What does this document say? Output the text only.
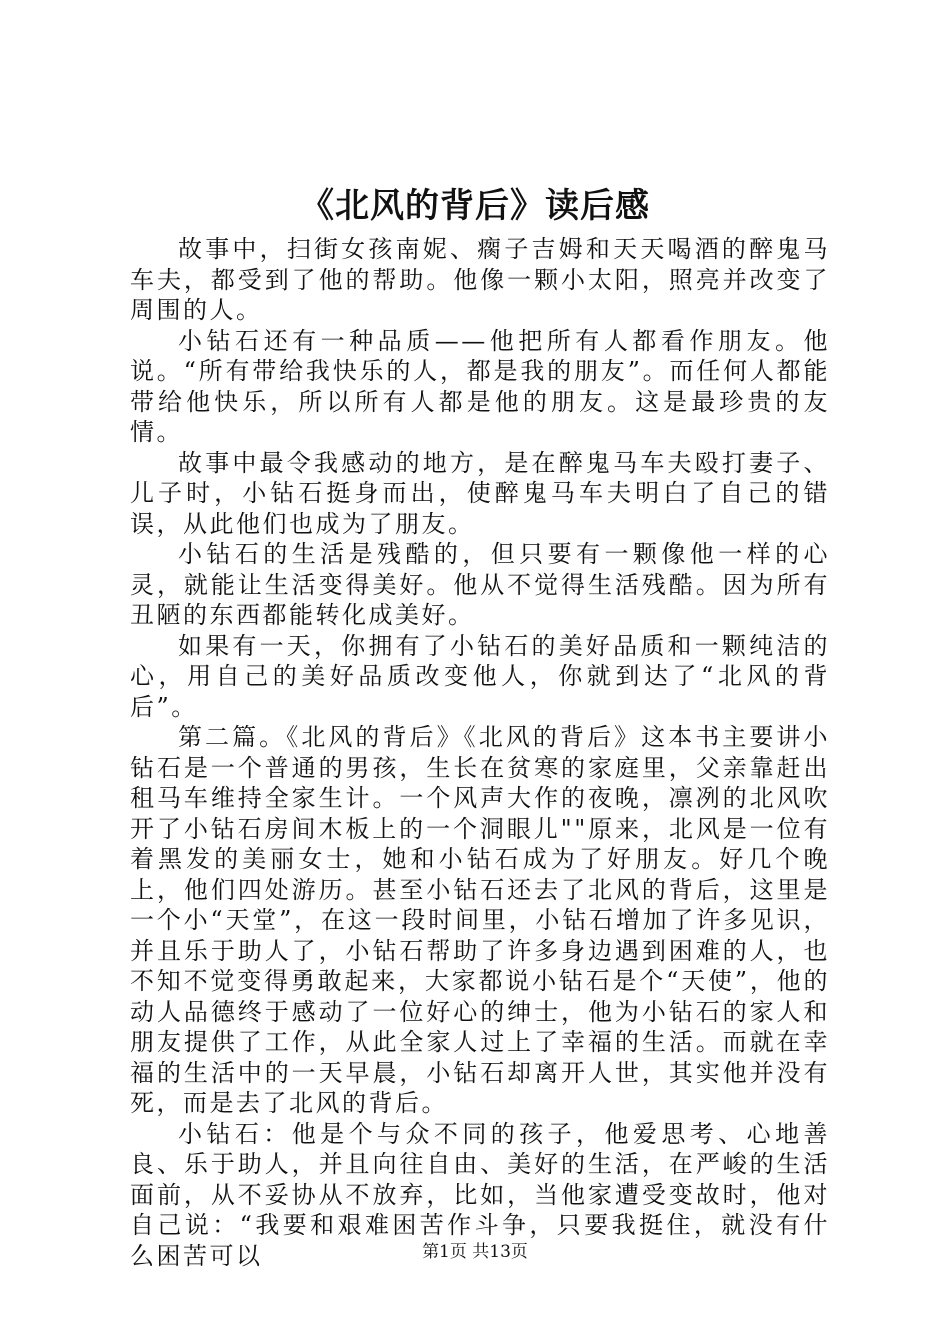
《北风的背后》读后感

故事中，扫街女孩南妮、瘸子吉姆和天天喝酒的醉鬼马车夫，都受到了他的帮助。他像一颗小太阳，照亮并改变了周围的人。

小钻石还有一种品质——他把所有人都看作朋友。他说。“所有带给我快乐的人，都是我的朋友”。而任何人都能带给他快乐，所以所有人都是他的朋友。这是最珍贵的友情。

故事中最令我感动的地方，是在醉鬼马车夫殴打妻子、儿子时，小钻石挺身而出，使醉鬼马车夫明白了自己的错误，从此他们也成为了朋友。

小钻石的生活是残酷的，但只要有一颗像他一样的心灵，就能让生活变得美好。他从不觉得生活残酷。因为所有丑陋的东西都能转化成美好。

如果有一天，你拥有了小钻石的美好品质和一颗纯洁的心，用自己的美好品质改变他人，你就到达了“北风的背后”。

第二篇。《北风的背后》《北风的背后》这本书主要讲小钻石是一个普通的男孩，生长在贫寒的家庭里，父亲靠赶出租马车维持全家生计。一个风声大作的夜晚，凛冽的北风吹开了小钻石房间木板上的一个洞眼儿""原来，北风是一位有着黑发的美丽女士，她和小钻石成为了好朋友。好几个晚上，他们四处游历。甚至小钻石还去了北风的背后，这里是一个小“天堂”，在这一段时间里，小钻石增加了许多见识，并且乐于助人了，小钻石帮助了许多身边遇到困难的人，也不知不觉变得勇敢起来，大家都说小钻石是个“天使”，他的动人品德终于感动了一位好心的绅士，他为小钻石的家人和朋友提供了工作，从此全家人过上了幸福的生活。而就在幸福的生活中的一天早晨，小钻石却离开人世，其实他并没有死，而是去了北风的背后。

小钻石：他是个与众不同的孩子，他爱思考、心地善良、乐于助人，并且向往自由、美好的生活，在严峻的生活面前，从不妥协从不放弃，比如，当他家遭受变故时，他对自己说：“我要和艰难困苦作斗争，只要我挺住，就没有什么困苦可以	第1页 共13页
